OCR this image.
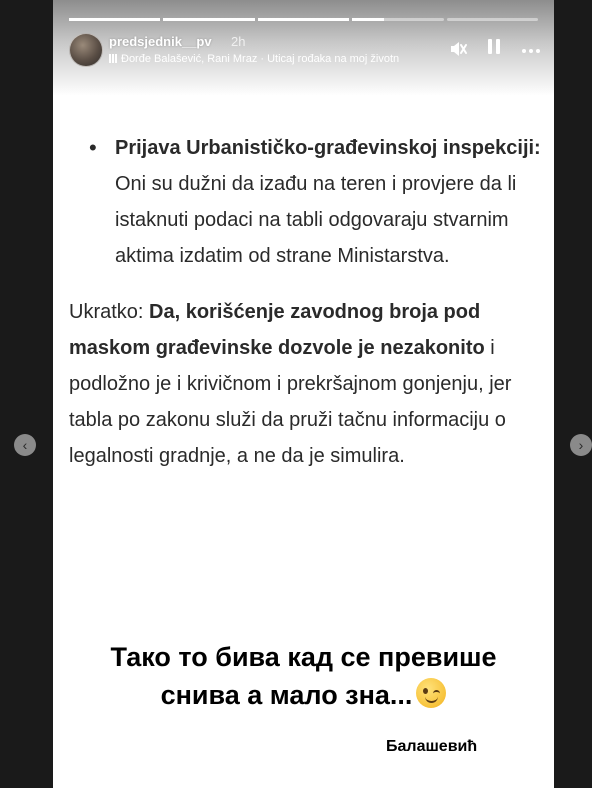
predsjednik__pv 2h
Đorđe Balašević, Rani Mraz · Uticaj rođaka na moj životn
• Prijava Urbanističko-građevinskoj inspekciji: Oni su dužni da izađu na teren i provjere da li istaknuti podaci na tabli odgovaraju stvarnim aktima izdatim od strane Ministarstva.
Ukratko: Da, korišćenje zavodnog broja pod maskom građevinske dozvole je nezakonito i podložno je i krivičnom i prekršajnom gonjenju, jer tabla po zakonu služi da pruži tačnu informaciju o legalnosti gradnje, a ne da je simulira.
Тако то бива кад се превише
снива а мало зна...
Балашевић
‹	›
